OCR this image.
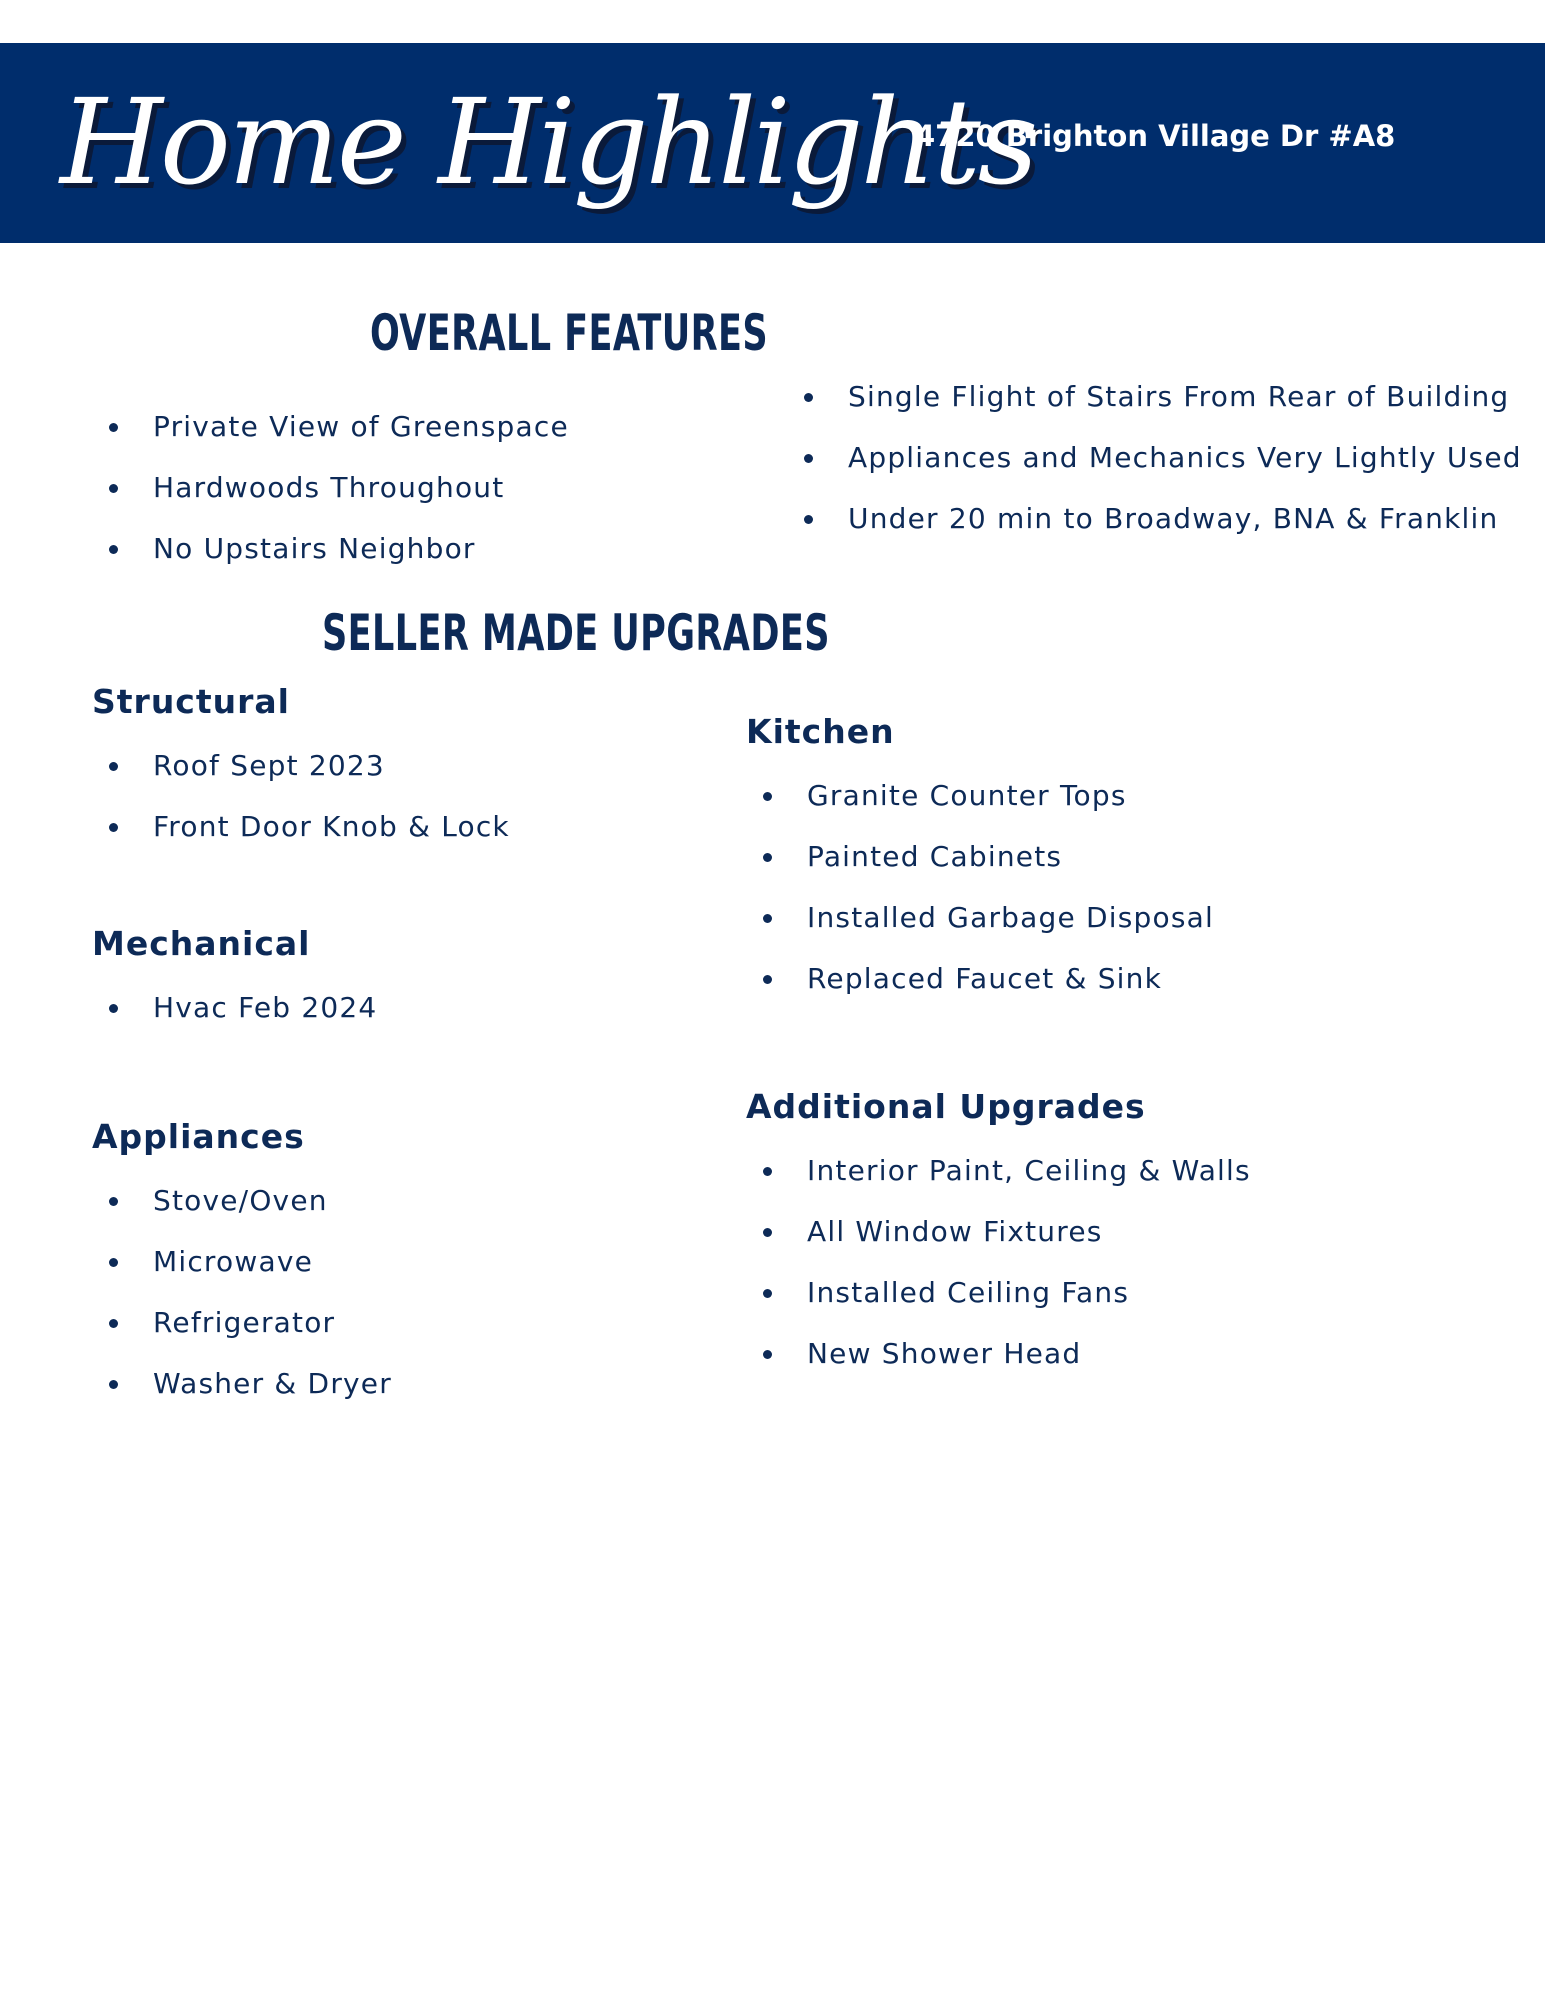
Home Highlights
4720 Brighton Village Dr #A8
OVERALL FEATURES
Private View of Greenspace
Hardwoods Throughout
No Upstairs Neighbor
Single Flight of Stairs From Rear of Building
Appliances and Mechanics Very Lightly Used
Under 20 min to Broadway, BNA & Franklin
SELLER MADE UPGRADES
Structural
Roof Sept 2023
Front Door Knob & Lock
Mechanical
Hvac Feb 2024
Appliances
Stove/Oven
Microwave
Refrigerator
Washer & Dryer
Kitchen
Granite Counter Tops
Painted Cabinets
Installed Garbage Disposal
Replaced Faucet & Sink
Additional Upgrades
Interior Paint, Ceiling & Walls
All Window Fixtures
Installed Ceiling Fans
New Shower Head
